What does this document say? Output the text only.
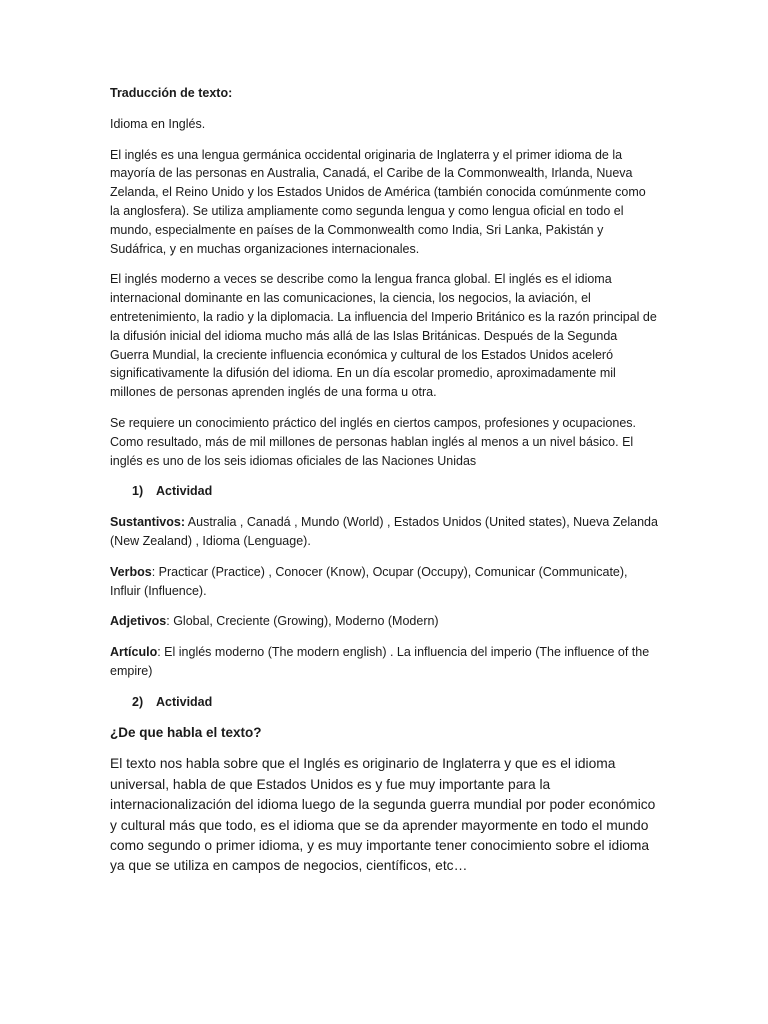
Traducción de texto:

Idioma en Inglés.

El inglés es una lengua germánica occidental originaria de Inglaterra y el primer idioma de la mayoría de las personas en Australia, Canadá, el Caribe de la Commonwealth, Irlanda, Nueva Zelanda, el Reino Unido y los Estados Unidos de América (también conocida comúnmente como la anglosfera). Se utiliza ampliamente como segunda lengua y como lengua oficial en todo el mundo, especialmente en países de la Commonwealth como India, Sri Lanka, Pakistán y Sudáfrica, y en muchas organizaciones internacionales.

El inglés moderno a veces se describe como la lengua franca global. El inglés es el idioma internacional dominante en las comunicaciones, la ciencia, los negocios, la aviación, el entretenimiento, la radio y la diplomacia. La influencia del Imperio Británico es la razón principal de la difusión inicial del idioma mucho más allá de las Islas Británicas. Después de la Segunda Guerra Mundial, la creciente influencia económica y cultural de los Estados Unidos aceleró significativamente la difusión del idioma. En un día escolar promedio, aproximadamente mil millones de personas aprenden inglés de una forma u otra.

Se requiere un conocimiento práctico del inglés en ciertos campos, profesiones y ocupaciones. Como resultado, más de mil millones de personas hablan inglés al menos a un nivel básico. El inglés es uno de los seis idiomas oficiales de las Naciones Unidas

1) Actividad

Sustantivos: Australia , Canadá , Mundo (World) , Estados Unidos (United states), Nueva Zelanda (New Zealand) , Idioma (Lenguage).

Verbos: Practicar (Practice) , Conocer (Know), Ocupar (Occupy), Comunicar (Communicate), Influir (Influence).

Adjetivos: Global, Creciente (Growing), Moderno (Modern)

Artículo: El inglés moderno (The modern english) . La influencia del imperio (The influence of the empire)

2) Actividad

¿De que habla el texto?

El texto nos habla sobre que el Inglés es originario de Inglaterra y que es el idioma universal, habla de que Estados Unidos es y fue muy importante para la internacionalización del idioma luego de la segunda guerra mundial por poder económico y cultural más que todo, es el idioma que se da aprender mayormente en todo el mundo como segundo o primer idioma, y es muy importante tener conocimiento sobre el idioma ya que se utiliza en campos de negocios, científicos, etc…
